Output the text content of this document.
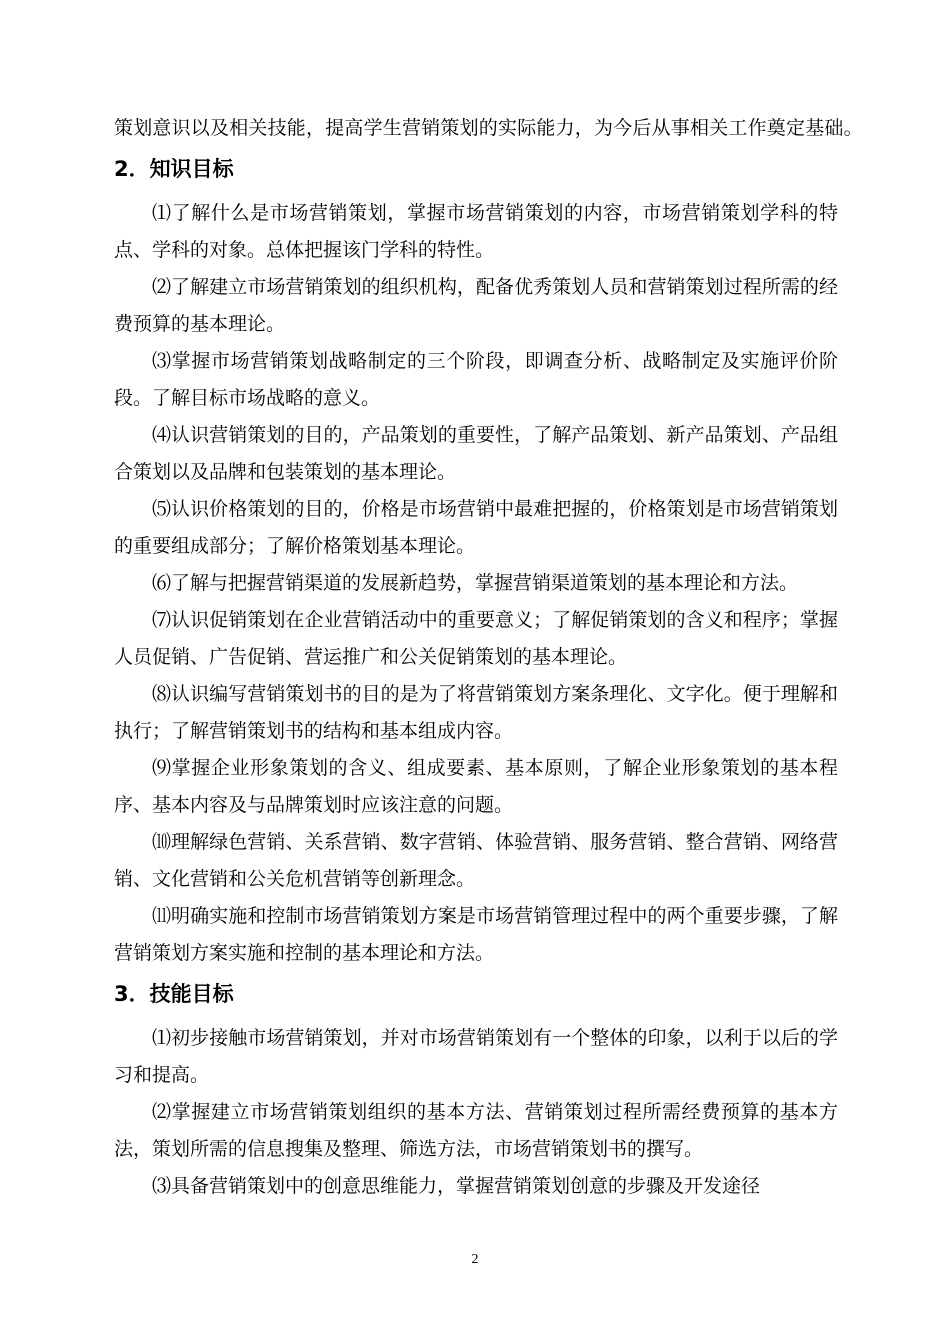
策划意识以及相关技能，提高学生营销策划的实际能力，为今后从事相关工作奠定基础。
2．知识目标

⑴了解什么是市场营销策划，掌握市场营销策划的内容，市场营销策划学科的特点、学科的对象。总体把握该门学科的特性。

⑵了解建立市场营销策划的组织机构，配备优秀策划人员和营销策划过程所需的经费预算的基本理论。

⑶掌握市场营销策划战略制定的三个阶段，即调查分析、战略制定及实施评价阶段。了解目标市场战略的意义。

⑷认识营销策划的目的，产品策划的重要性，了解产品策划、新产品策划、产品组合策划以及品牌和包装策划的基本理论。

⑸认识价格策划的目的，价格是市场营销中最难把握的，价格策划是市场营销策划的重要组成部分；了解价格策划基本理论。

⑹了解与把握营销渠道的发展新趋势，掌握营销渠道策划的基本理论和方法。

⑺认识促销策划在企业营销活动中的重要意义；了解促销策划的含义和程序；掌握人员促销、广告促销、营运推广和公关促销策划的基本理论。

⑻认识编写营销策划书的目的是为了将营销策划方案条理化、文字化。便于理解和执行；了解营销策划书的结构和基本组成内容。

⑼掌握企业形象策划的含义、组成要素、基本原则，了解企业形象策划的基本程序、基本内容及与品牌策划时应该注意的问题。

⑽理解绿色营销、关系营销、数字营销、体验营销、服务营销、整合营销、网络营销、文化营销和公关危机营销等创新理念。

⑾明确实施和控制市场营销策划方案是市场营销管理过程中的两个重要步骤，了解营销策划方案实施和控制的基本理论和方法。

3．技能目标

⑴初步接触市场营销策划，并对市场营销策划有一个整体的印象，以利于以后的学习和提高。

⑵掌握建立市场营销策划组织的基本方法、营销策划过程所需经费预算的基本方法，策划所需的信息搜集及整理、筛选方法，市场营销策划书的撰写。

⑶具备营销策划中的创意思维能力，掌握营销策划创意的步骤及开发途径

2
